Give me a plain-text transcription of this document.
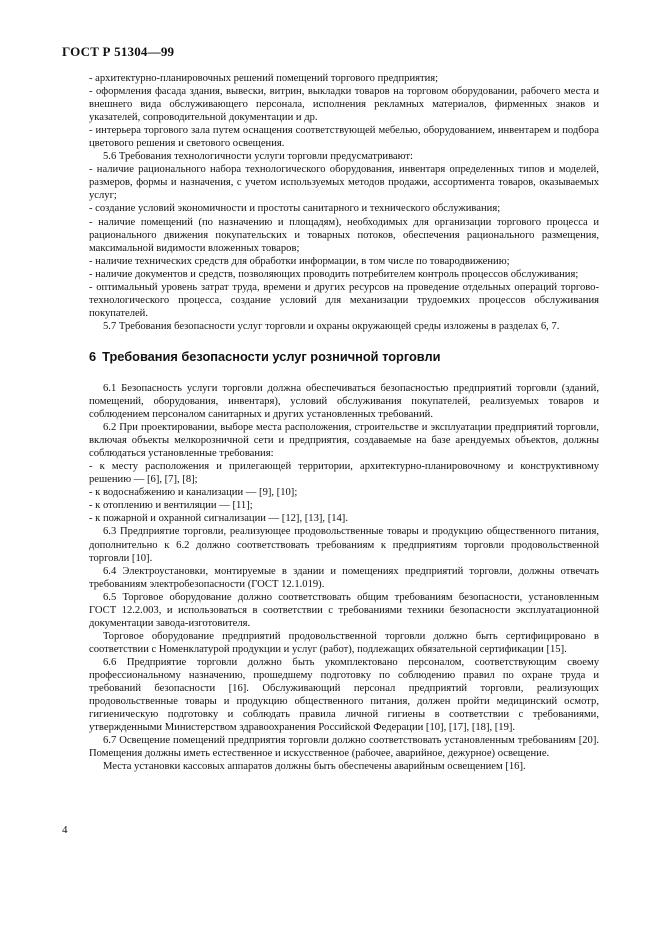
ГОСТ Р 51304—99

- архитектурно-планировочных решений помещений торгового предприятия;

- оформления фасада здания, вывески, витрин, выкладки товаров на торговом оборудовании, рабочего места и внешнего вида обслуживающего персонала, исполнения рекламных материалов, фирменных знаков и указателей, сопроводительной документации и др.

- интерьера торгового зала путем оснащения соответствующей мебелью, оборудованием, инвентарем и подбора цветового решения и светового освещения.

5.6 Требования технологичности услуги торговли предусматривают:

- наличие рационального набора технологического оборудования, инвентаря определенных типов и моделей, размеров, формы и назначения, с учетом используемых методов продажи, ассортимента товаров, оказываемых услуг;

- создание условий экономичности и простоты санитарного и технического обслуживания;

- наличие помещений (по назначению и площадям), необходимых для организации торгового процесса и рационального движения покупательских и товарных потоков, обеспечения рационального размещения, максимальной видимости вложенных товаров;

- наличие технических средств для обработки информации, в том числе по товародвижению;

- наличие документов и средств, позволяющих проводить потребителем контроль процессов обслуживания;

- оптимальный уровень затрат труда, времени и других ресурсов на проведение отдельных операций торгово-технологического процесса, создание условий для механизации трудоемких процессов обслуживания покупателей.

5.7 Требования безопасности услуг торговли и охраны окружающей среды изложены в разделах 6, 7.

6 Требования безопасности услуг розничной торговли

6.1 Безопасность услуги торговли должна обеспечиваться безопасностью предприятий торговли (зданий, помещений, оборудования, инвентаря), условий обслуживания покупателей, реализуемых товаров и соблюдением персоналом санитарных и других установленных требований.

6.2 При проектировании, выборе места расположения, строительстве и эксплуатации предприятий торговли, включая объекты мелкорозничной сети и предприятия, создаваемые на базе арендуемых объектов, должны соблюдаться установленные требования:

- к месту расположения и прилегающей территории, архитектурно-планировочному и конструктивному решению — [6], [7], [8];

- к водоснабжению и канализации — [9], [10];

- к отоплению и вентиляции — [11];

- к пожарной и охранной сигнализации — [12], [13], [14].

6.3 Предприятие торговли, реализующее продовольственные товары и продукцию общественного питания, дополнительно к 6.2 должно соответствовать требованиям к предприятиям торговли продовольственной торговли [10].

6.4 Электроустановки, монтируемые в здании и помещениях предприятий торговли, должны отвечать требованиям электробезопасности (ГОСТ 12.1.019).

6.5 Торговое оборудование должно соответствовать общим требованиям безопасности, установленным ГОСТ 12.2.003, и использоваться в соответствии с требованиями техники безопасности эксплуатационной документации завода-изготовителя.

Торговое оборудование предприятий продовольственной торговли должно быть сертифицировано в соответствии с Номенклатурой продукции и услуг (работ), подлежащих обязательной сертификации [15].

6.6 Предприятие торговли должно быть укомплектовано персоналом, соответствующим своему профессиональному назначению, прошедшему подготовку по соблюдению правил по охране труда и требований безопасности [16]. Обслуживающий персонал предприятий торговли, реализующих продовольственные товары и продукцию общественного питания, должен пройти медицинский осмотр, гигиеническую подготовку и соблюдать правила личной гигиены в соответствии с требованиями, утвержденными Министерством здравоохранения Российской Федерации [10], [17], [18], [19].

6.7 Освещение помещений предприятия торговли должно соответствовать установленным требованиям [20]. Помещения должны иметь естественное и искусственное (рабочее, аварийное, дежурное) освещение.

Места установки кассовых аппаратов должны быть обеспечены аварийным освещением [16].

4
